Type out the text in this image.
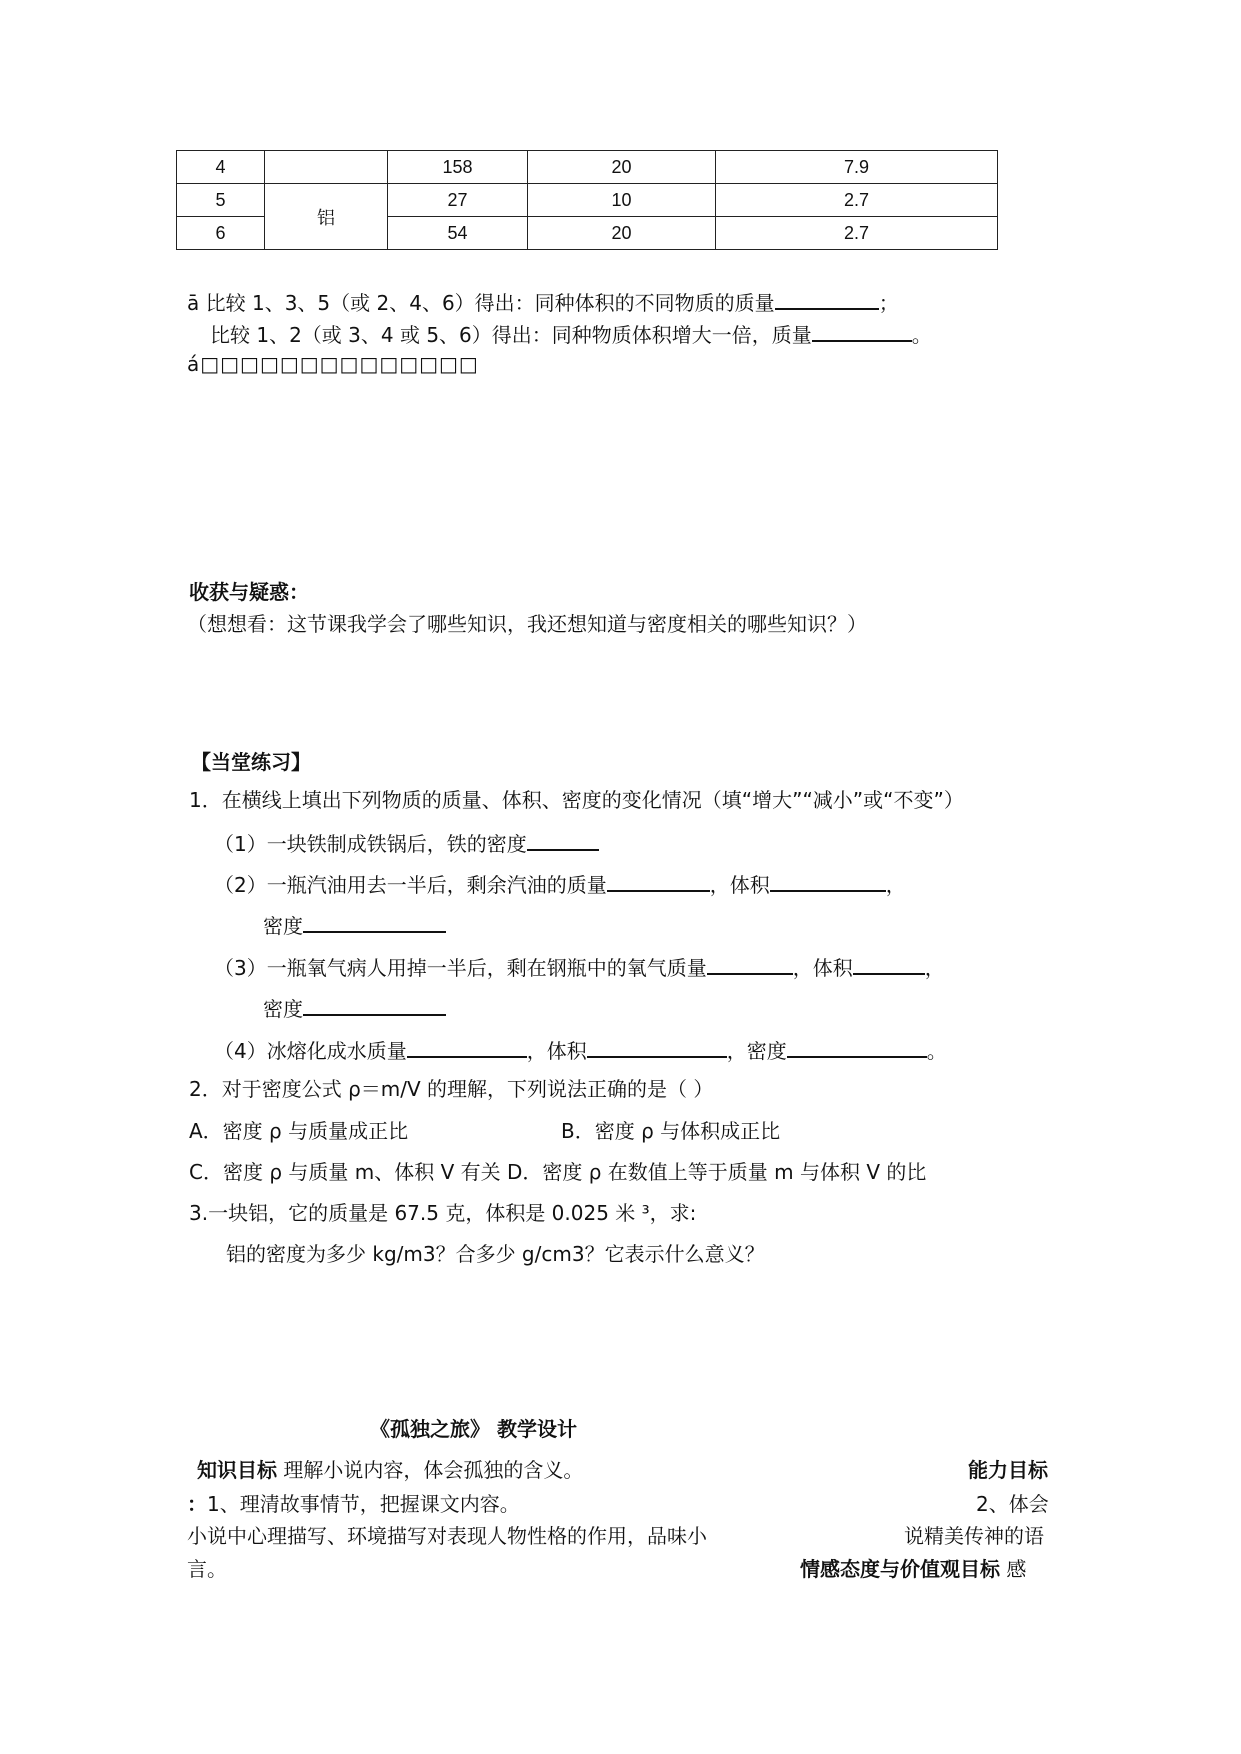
4		158	20	7.9
5	铝	27	10	2.7
6		54	20	2.7
ā 比较 1、3、5（或 2、4、6）得出：同种体积的不同物质的质量	；
比较 1、2（或 3、4 或 5、6）得出：同种物质体积增大一倍，质量	。
á□□□□□□□□□□□□□□
收获与疑惑：
（想想看：这节课我学会了哪些知识，我还想知道与密度相关的哪些知识？）
【当堂练习】
1．在横线上填出下列物质的质量、体积、密度的变化情况（填“增大”“减小”或“不变”）
（1）一块铁制成铁锅后，铁的密度
（2）一瓶汽油用去一半后，剩余汽油的质量	，体积	，
密度
（3）一瓶氧气病人用掉一半后，剩在钢瓶中的氧气质量	，体积	，
密度
（4）冰熔化成水质量	，体积	，密度	。
2．对于密度公式 ρ＝m/V 的理解，下列说法正确的是（ ）
A．密度 ρ 与质量成正比	B．密度 ρ 与体积成正比
C．密度 ρ 与质量 m、体积 V 有关 D．密度 ρ 在数值上等于质量 m 与体积 V 的比
3.一块铝，它的质量是 67.5 克，体积是 0.025 米 ³，求:
铝的密度为多少 kg/m3？合多少 g/cm3？它表示什么意义？
《孤独之旅》 教学设计
知识目标 理解小说内容，体会孤独的含义。	能力目标
：1、理清故事情节，把握课文内容。	2、体会
小说中心理描写、环境描写对表现人物性格的作用，品味小	说精美传神的语
言。	情感态度与价值观目标 感
